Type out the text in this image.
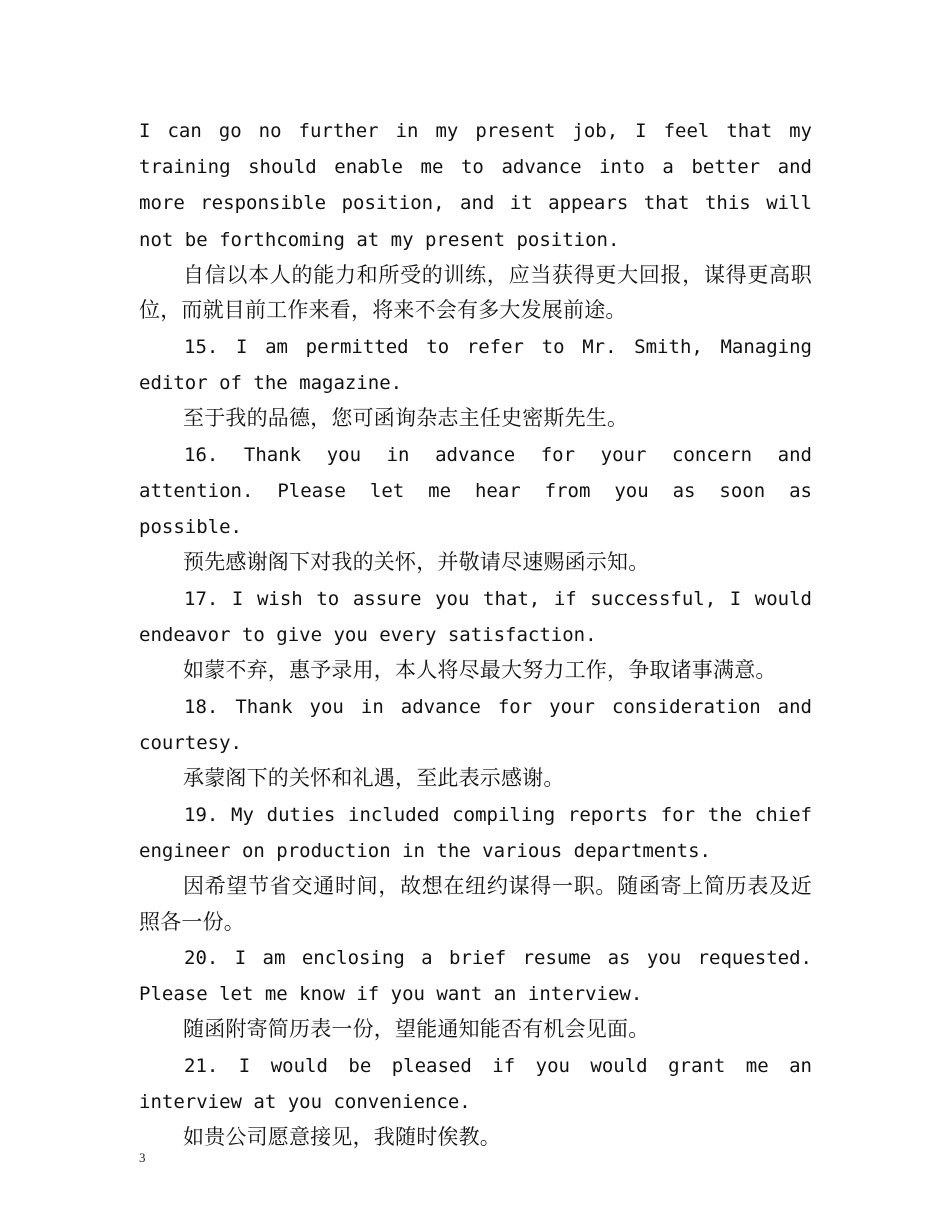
I can go no further in my present job, I feel that my training should enable me to advance into a better and more responsible position, and it appears that this will not be forthcoming at my present position.

自信以本人的能力和所受的训练，应当获得更大回报，谋得更高职位，而就目前工作来看，将来不会有多大发展前途。

15. I am permitted to refer to Mr. Smith, Managing editor of the magazine.

至于我的品德，您可函询杂志主任史密斯先生。

16. Thank you in advance for your concern and attention. Please let me hear from you as soon as possible.

预先感谢阁下对我的关怀，并敬请尽速赐函示知。

17. I wish to assure you that, if successful, I would endeavor to give you every satisfaction.

如蒙不弃，惠予录用，本人将尽最大努力工作，争取诸事满意。

18. Thank you in advance for your consideration and courtesy.

承蒙阁下的关怀和礼遇，至此表示感谢。

19. My duties included compiling reports for the chief engineer on production in the various departments.

因希望节省交通时间，故想在纽约谋得一职。随函寄上简历表及近照各一份。

20. I am enclosing a brief resume as you requested. Please let me know if you want an interview.

随函附寄简历表一份，望能通知能否有机会见面。

21. I would be pleased if you would grant me an interview at you convenience.

如贵公司愿意接见，我随时俟教。

3
